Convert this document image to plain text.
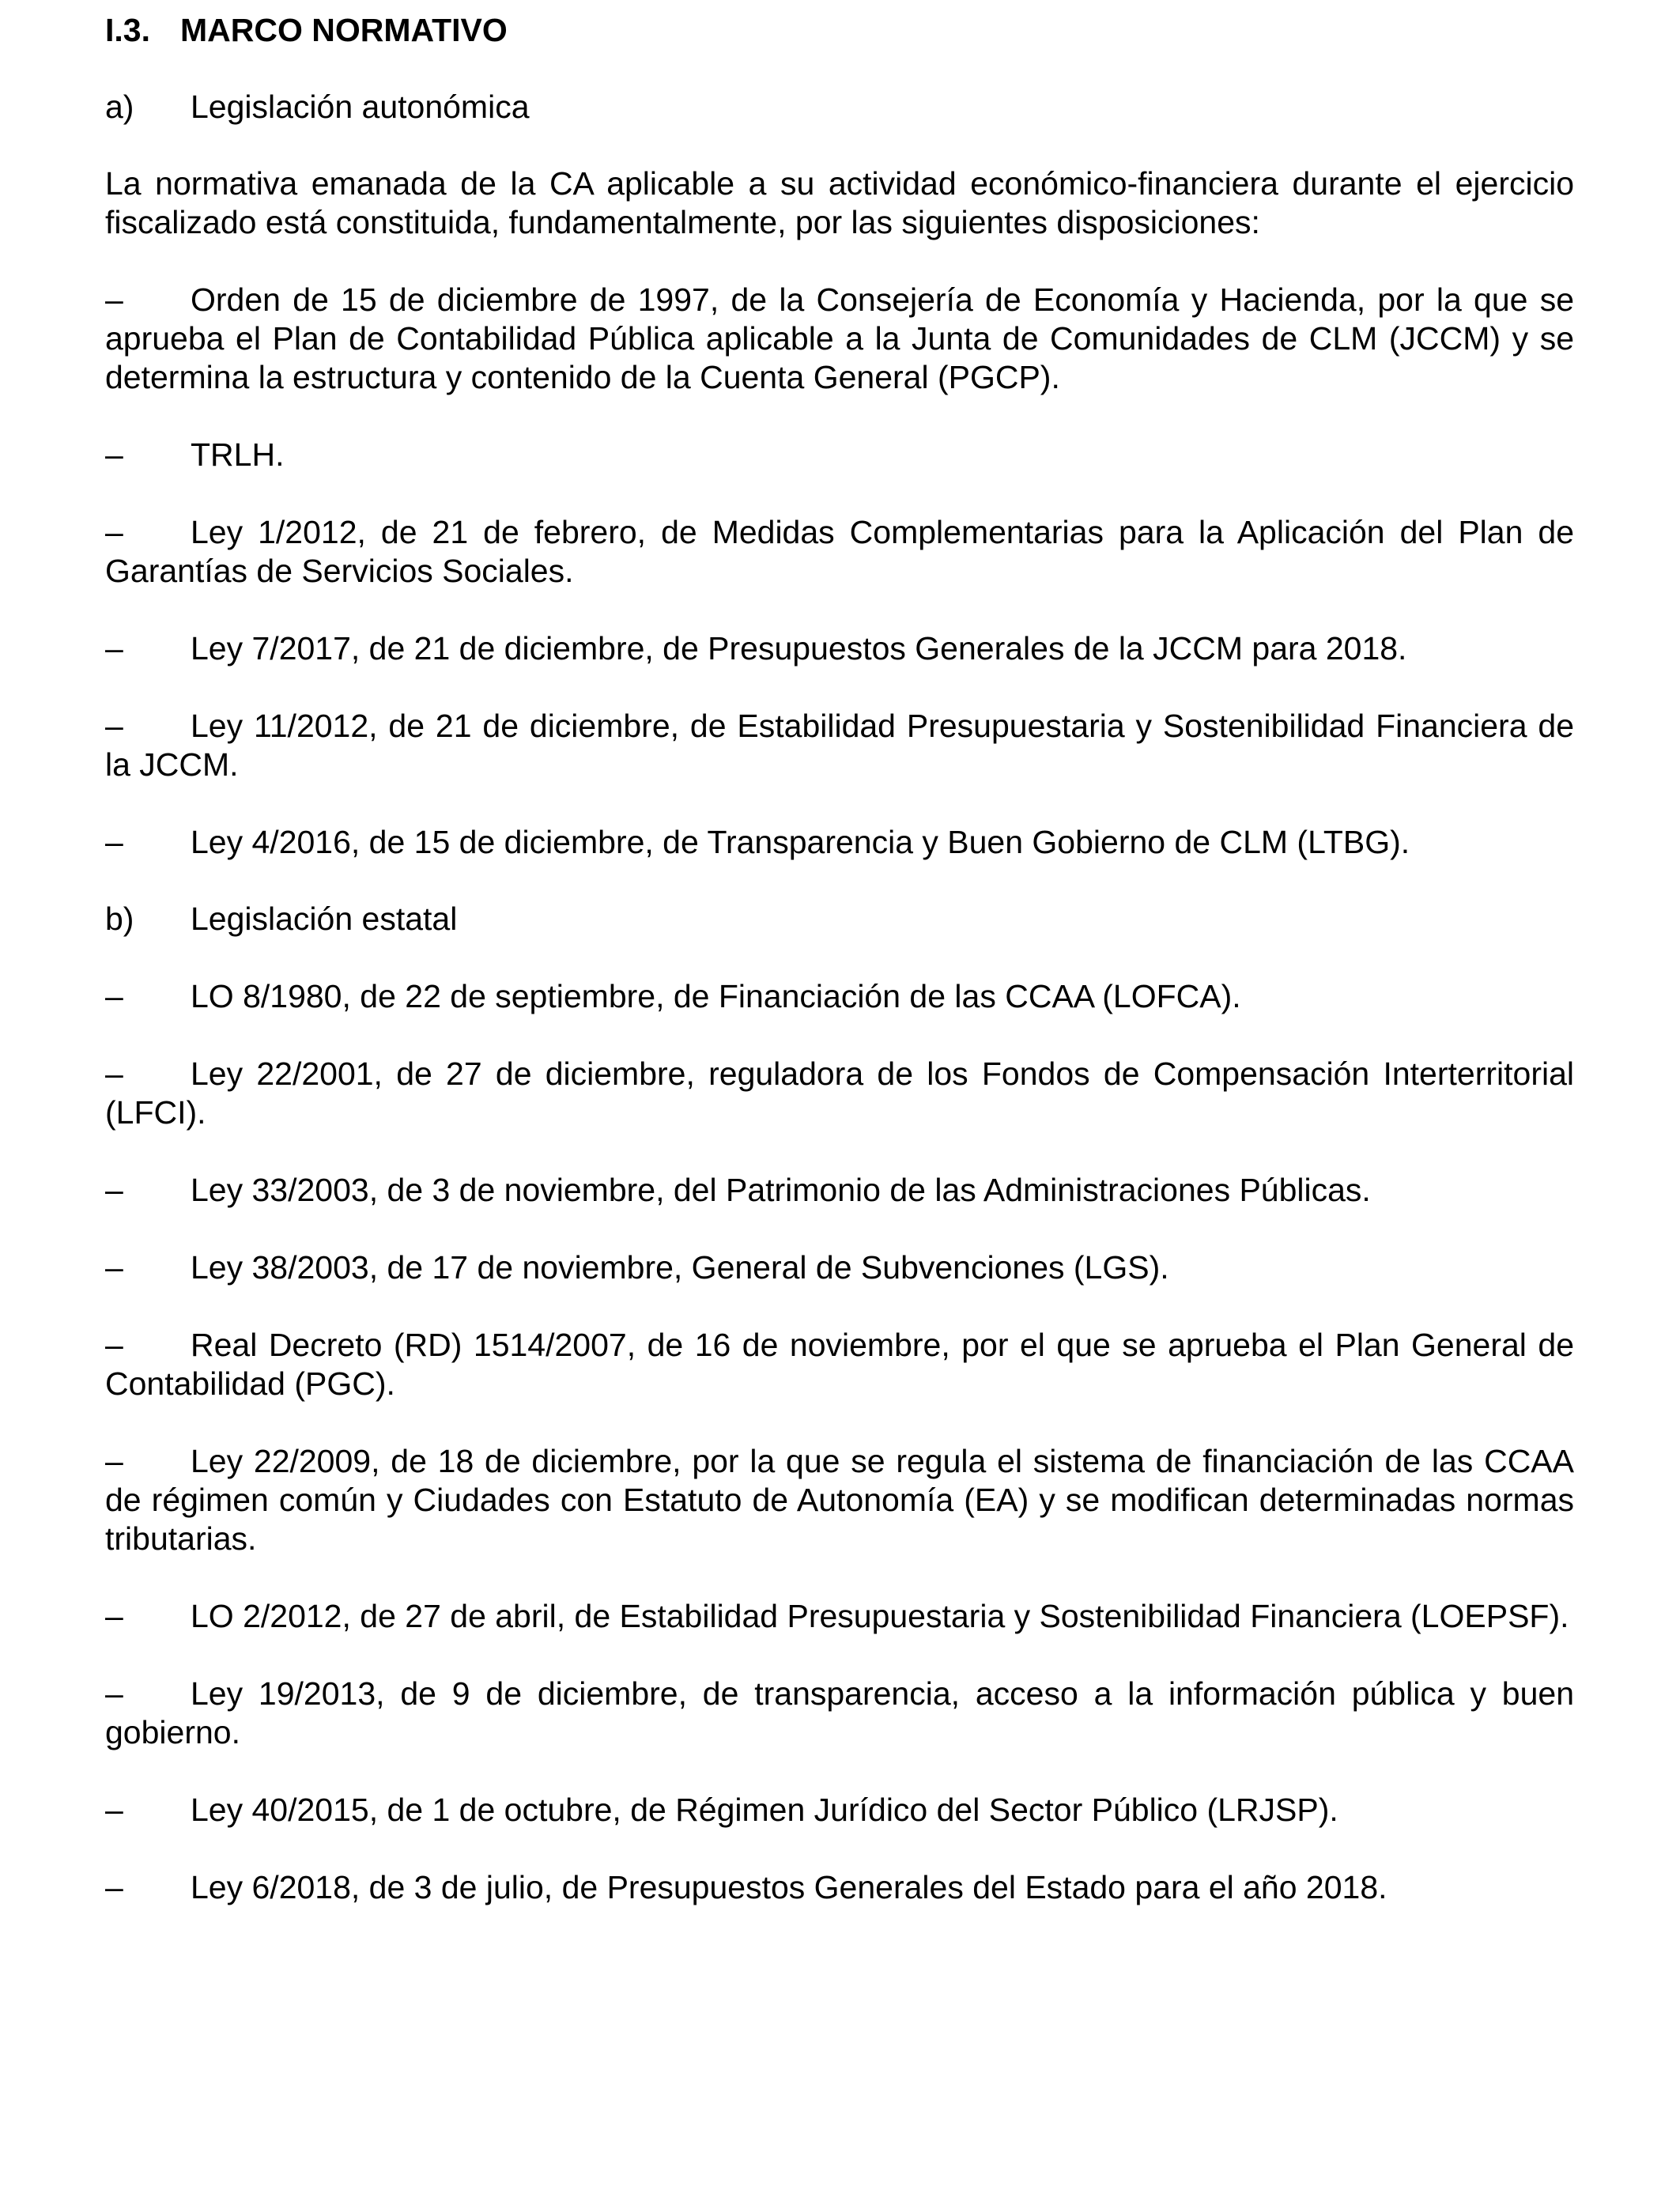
I.3. MARCO NORMATIVO
a) Legislación autonómica

La normativa emanada de la CA aplicable a su actividad económico-financiera durante el ejercicio fiscalizado está constituida, fundamentalmente, por las siguientes disposiciones:

– Orden de 15 de diciembre de 1997, de la Consejería de Economía y Hacienda, por la que se aprueba el Plan de Contabilidad Pública aplicable a la Junta de Comunidades de CLM (JCCM) y se determina la estructura y contenido de la Cuenta General (PGCP).
– TRLH.
– Ley 1/2012, de 21 de febrero, de Medidas Complementarias para la Aplicación del Plan de Garantías de Servicios Sociales.
– Ley 7/2017, de 21 de diciembre, de Presupuestos Generales de la JCCM para 2018.
– Ley 11/2012, de 21 de diciembre, de Estabilidad Presupuestaria y Sostenibilidad Financiera de la JCCM.
– Ley 4/2016, de 15 de diciembre, de Transparencia y Buen Gobierno de CLM (LTBG).
b) Legislación estatal
– LO 8/1980, de 22 de septiembre, de Financiación de las CCAA (LOFCA).
– Ley 22/2001, de 27 de diciembre, reguladora de los Fondos de Compensación Interterritorial (LFCI).
– Ley 33/2003, de 3 de noviembre, del Patrimonio de las Administraciones Públicas.
– Ley 38/2003, de 17 de noviembre, General de Subvenciones (LGS).
– Real Decreto (RD) 1514/2007, de 16 de noviembre, por el que se aprueba el Plan General de Contabilidad (PGC).
– Ley 22/2009, de 18 de diciembre, por la que se regula el sistema de financiación de las CCAA de régimen común y Ciudades con Estatuto de Autonomía (EA) y se modifican determinadas normas tributarias.
– LO 2/2012, de 27 de abril, de Estabilidad Presupuestaria y Sostenibilidad Financiera (LOEPSF).
– Ley 19/2013, de 9 de diciembre, de transparencia, acceso a la información pública y buen gobierno.
– Ley 40/2015, de 1 de octubre, de Régimen Jurídico del Sector Público (LRJSP).
– Ley 6/2018, de 3 de julio, de Presupuestos Generales del Estado para el año 2018.
